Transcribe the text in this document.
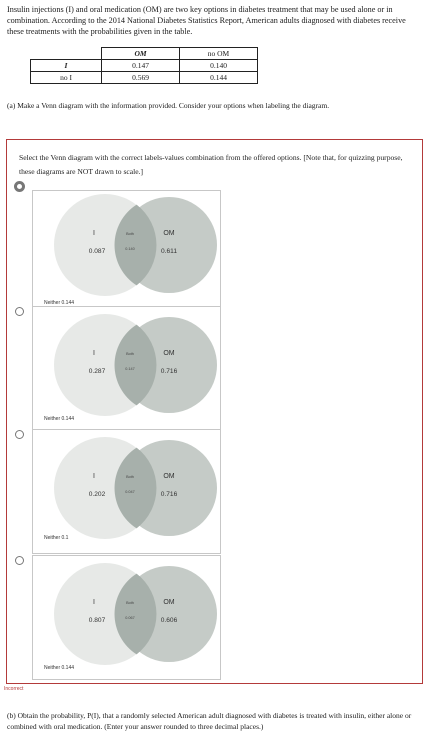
Insulin injections (I) and oral medication (OM) are two key options in diabetes treatment that may be used alone or in combination. According to the 2014 National Diabetes Statistics Report, American adults diagnosed with diabetes receive these treatments with the probabilities given in the table.
	OM	no OM
I	0.147	0.140
no I	0.569	0.144
(a) Make a Venn diagram with the information provided. Consider your options when labeling the diagram.
Select the Venn diagram with the correct labels-values combination from the offered options. [Note that, for quizzing purpose, these diagrams are NOT drawn to scale.]
I
0.087
Both
0.140
OM
0.611
Neither 0.144
I
0.287
Both
0.147
OM
0.716
Neither 0.144
I
0.202
Both
0.047
OM
0.716
Neither 0.1
I
0.807
Both
0.067
OM
0.606
Neither 0.144
Incorrect
(b) Obtain the probability, P(I), that a randomly selected American adult diagnosed with diabetes is treated with insulin, either alone or combined with oral medication. (Enter your answer rounded to three decimal places.)
